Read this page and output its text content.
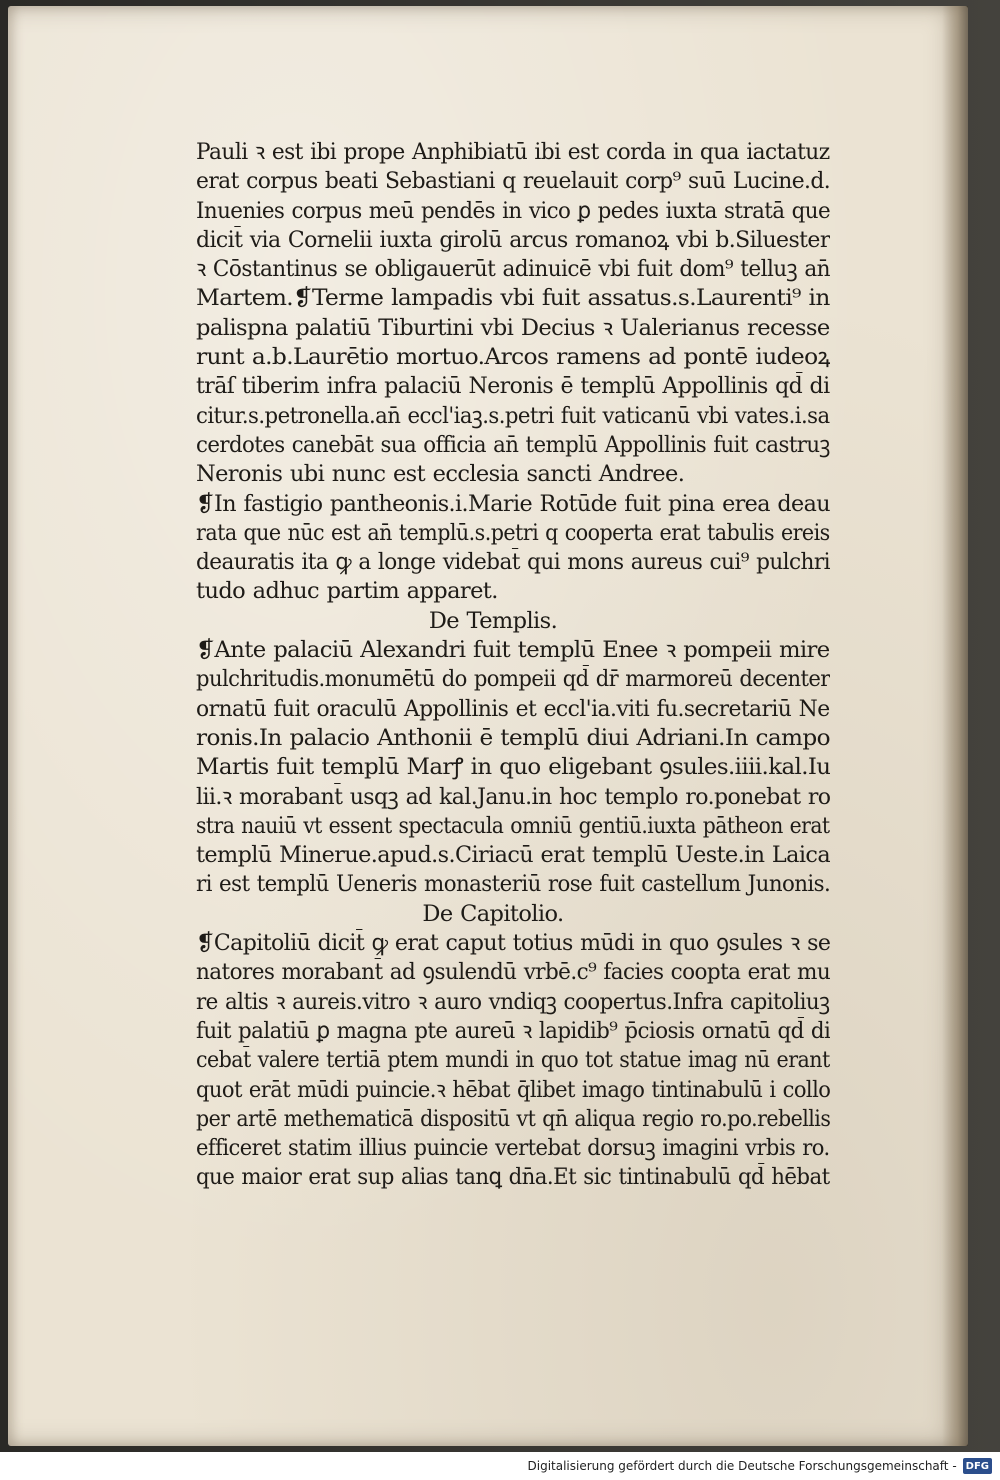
Pauli ꝛ est ibi prope Anphibiatū ibi est corda in qua iactatuz
erat corpus beati Sebastiani q reuelauit corp⁹ suū Lucine.d.
Inuenies corpus meū pendēs in vico ꝑ pedes iuxta stratā que
dicit̄ via Cornelii iuxta girolū arcus romanoꝝ vbi b.Siluester
ꝛ Cōstantinus se obligauerūt adinuicē vbi fuit dom⁹ telluꝫ an̄
Martem.❡Terme lampadis vbi fuit assatus.s.Laurenti⁹ in
palispna palatiū Tiburtini vbi Decius ꝛ Ualerianus recesse
runt a.b.Laurētio mortuo.Arcos ramens ad pontē iudeoꝝ
trāſ tiberim infra palaciū Neronis ē templū Appollinis qd̄ di
citur.s.petronella.an̄ eccl'iaꝫ.s.petri fuit vaticanū vbi vates.i.sa
cerdotes canebāt sua officia an̄ templū Appollinis fuit castruꝫ
Neronis ubi nunc est ecclesia sancti Andree.
❡In fastigio pantheonis.i.Marie Rotūde fuit pina erea deau
rata que nūc est an̄ templū.s.petri q cooperta erat tabulis ereis
deauratis ita ꝙ a longe videbat̄ qui mons aureus cui⁹ pulchri
tudo adhuc partim apparet.
De Templis.
❡Ante palaciū Alexandri fuit templū Enee ꝛ pompeii mire
pulchritudis.monumētū do pompeii qd̄ dr̄ marmoreū decenter
ornatū fuit oraculū Appollinis et eccl'ia.viti fu.secretariū Ne
ronis.In palacio Anthonii ē templū diui Adriani.In campo
Martis fuit templū Marꝭ in quo eligebant ꝯsules.iiii.kal.Iu
lii.ꝛ morabant̄ usqꝫ ad kal.Janu.in hoc templo ro.ponebat ro
stra nauiū vt essent spectacula omniū gentiū.iuxta pātheon erat
templū Minerue.apud.s.Ciriacū erat templū Ueste.in Laica
ri est templū Ueneris monasteriū rose fuit castellum Junonis.
De Capitolio.
❡Capitoliū dicit̄ ꝙ erat caput totius mūdi in quo ꝯsules ꝛ se
natores morabant̄ ad ꝯsulendū vrbē.c⁹ facies coopta erat mu
re altis ꝛ aureis.vitro ꝛ auro vndiqꝫ coopertus.Infra capitoliuꝫ
fuit palatiū ꝑ magna pte aureū ꝛ lapidib⁹ p̄ciosis ornatū qd̄ di
cebat̄ valere tertiā ptem mundi in quo tot statue imag nū erant
quot erāt mūdi puincie.ꝛ hēbat q̄libet imago tintinabulū i collo
per artē methematicā dispositū vt qn̄ aliqua regio ro.po.rebellis
efficeret statim illius puincie vertebat dorsuꝫ imagini vrbis ro.
que maior erat sup alias tanꝗ dn̄a.Et sic tintinabulū qd̄ hēbat
Digitalisierung gefördert durch die Deutsche Forschungsgemeinschaft - DFG
